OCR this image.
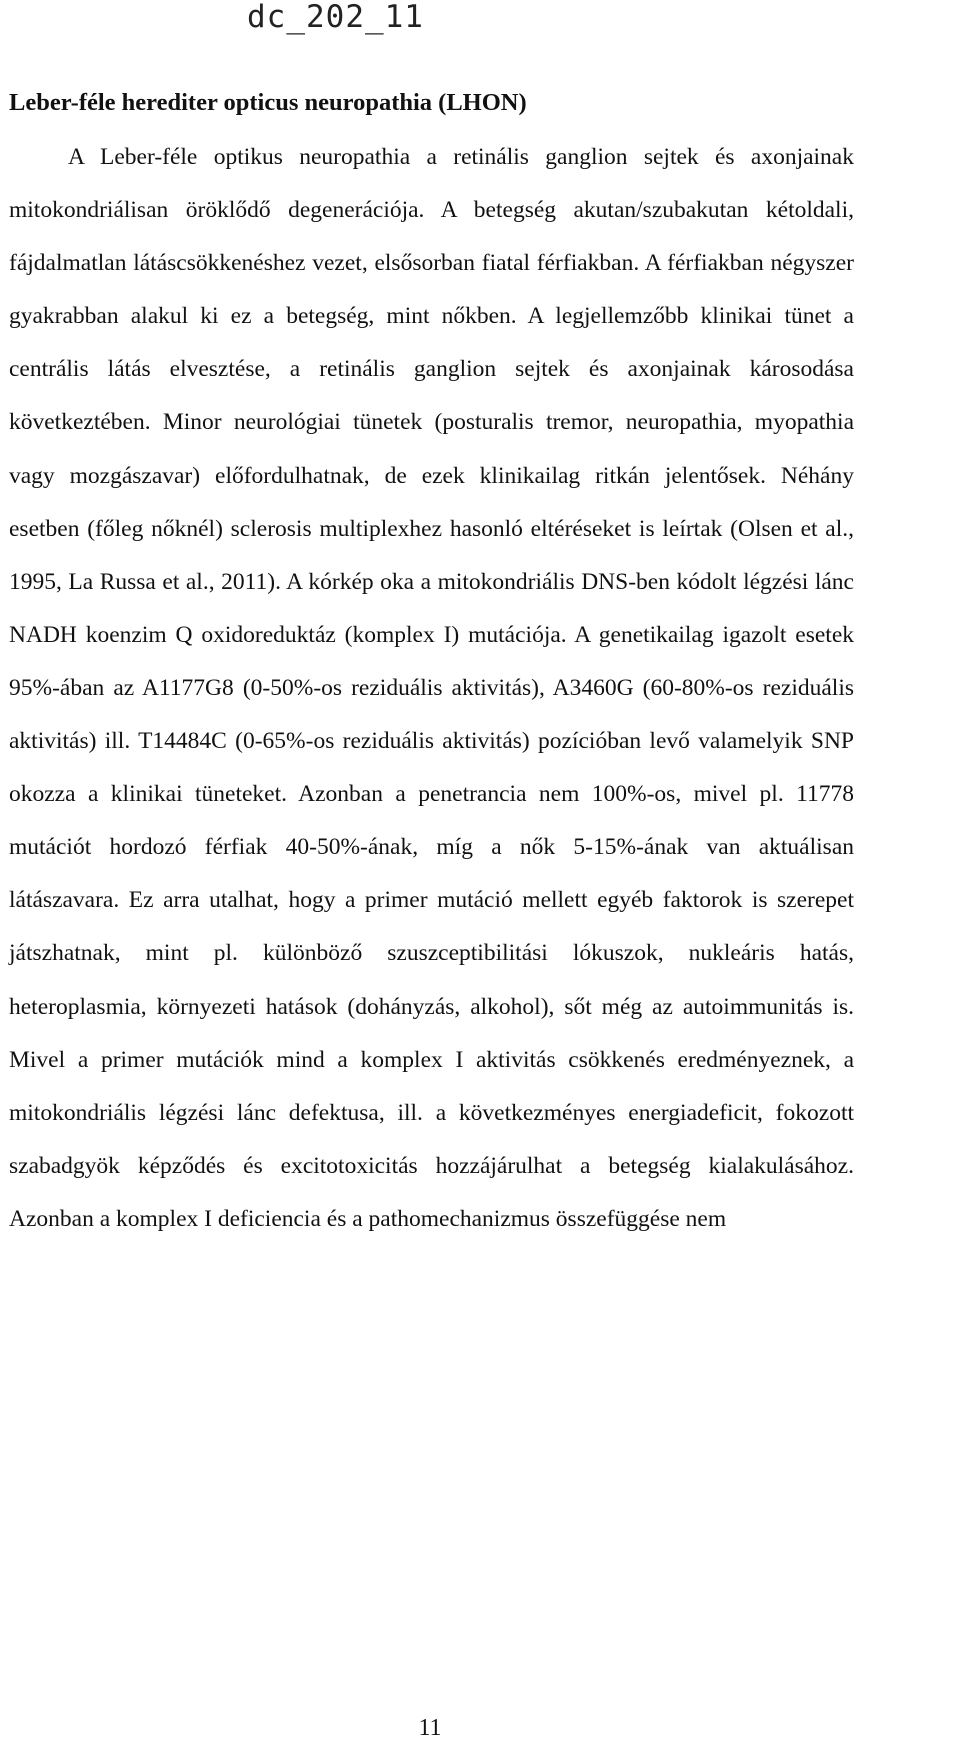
dc_202_11
Leber-féle herediter opticus neuropathia (LHON)

A Leber-féle optikus neuropathia a retinális ganglion sejtek és axonjainak mitokondriálisan öröklődő degenerációja. A betegség akutan/szubakutan kétoldali, fájdalmatlan látáscsökkenéshez vezet, elsősorban fiatal férfiakban. A férfiakban négyszer gyakrabban alakul ki ez a betegség, mint nőkben. A legjellemzőbb klinikai tünet a centrális látás elvesztése, a retinális ganglion sejtek és axonjainak károsodása következtében. Minor neurológiai tünetek (posturalis tremor, neuropathia, myopathia vagy mozgászavar) előfordulhatnak, de ezek klinikailag ritkán jelentősek. Néhány esetben (főleg nőknél) sclerosis multiplexhez hasonló eltéréseket is leírtak (Olsen et al., 1995, La Russa et al., 2011). A kórkép oka a mitokondriális DNS-ben kódolt légzési lánc NADH koenzim Q oxidoreduktáz (komplex I) mutációja. A genetikailag igazolt esetek 95%-ában az A1177G8 (0-50%-os reziduális aktivitás), A3460G (60-80%-os reziduális aktivitás) ill. T14484C (0-65%-os reziduális aktivitás) pozícióban levő valamelyik SNP okozza a klinikai tüneteket. Azonban a penetrancia nem 100%-os, mivel pl. 11778 mutációt hordozó férfiak 40-50%-ának, míg a nők 5-15%-ának van aktuálisan látászavara. Ez arra utalhat, hogy a primer mutáció mellett egyéb faktorok is szerepet játszhatnak, mint pl. különböző szuszceptibilitási lókuszok, nukleáris hatás, heteroplasmia, környezeti hatások (dohányzás, alkohol), sőt még az autoimmunitás is. Mivel a primer mutációk mind a komplex I aktivitás csökkenés eredményeznek, a mitokondriális légzési lánc defektusa, ill. a következményes energiadeficit, fokozott szabadgyök képződés és excitotoxicitás hozzájárulhat a betegség kialakulásához. Azonban a komplex I deficiencia és a pathomechanizmus összefüggése nem

11
